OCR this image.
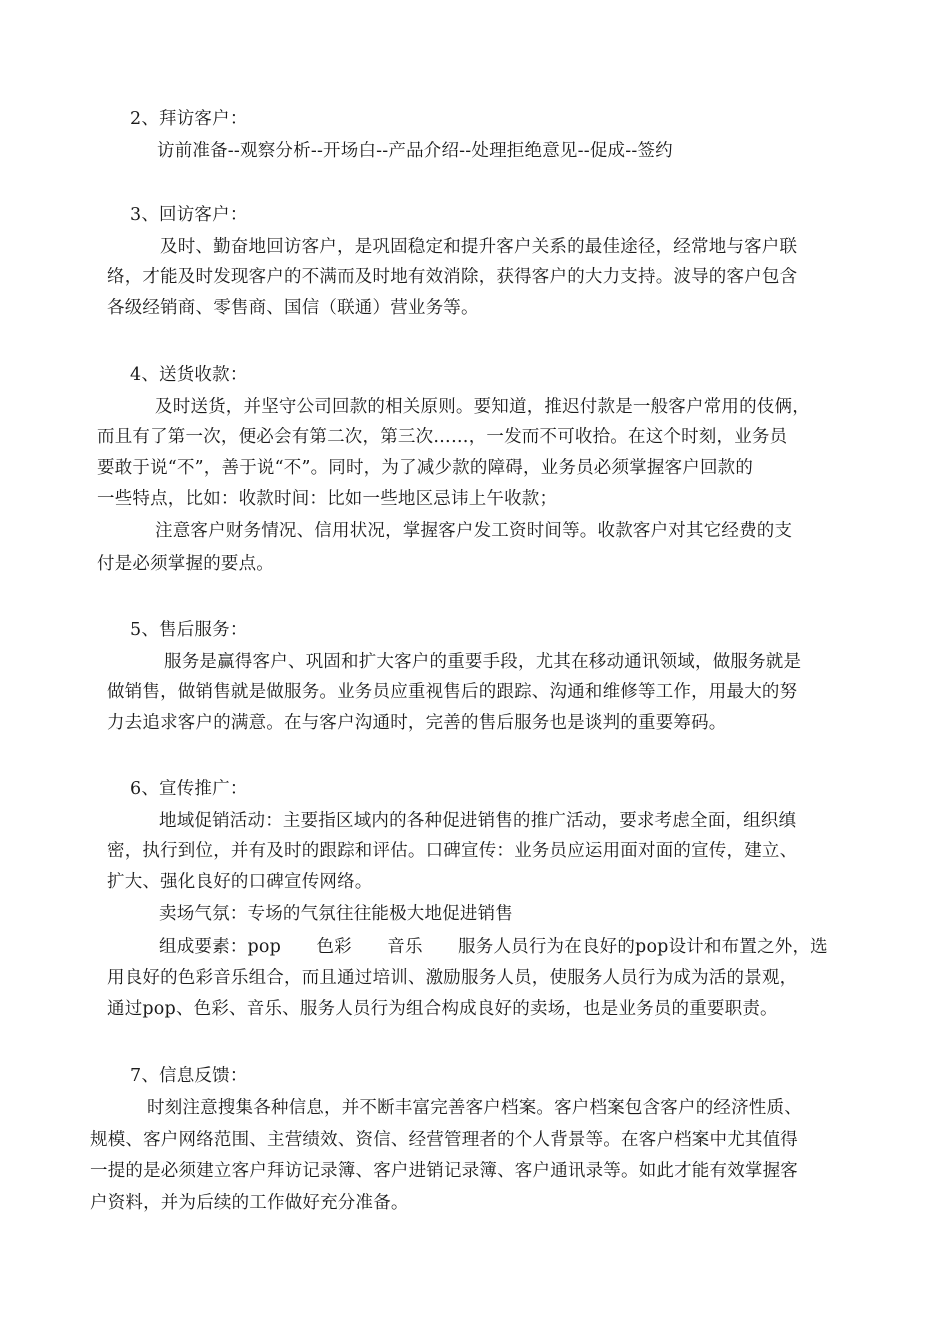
2、拜访客户：
访前准备--观察分析--开场白--产品介绍--处理拒绝意见--促成--签约
3、回访客户：
及时、勤奋地回访客户，是巩固稳定和提升客户关系的最佳途径，经常地与客户联
络，才能及时发现客户的不满而及时地有效消除，获得客户的大力支持。波导的客户包含
各级经销商、零售商、国信（联通）营业务等。
4、送货收款：
及时送货，并坚守公司回款的相关原则。要知道，推迟付款是一般客户常用的伎俩，
而且有了第一次，便必会有第二次，第三次……，一发而不可收拾。在这个时刻，业务员
要敢于说“不”，善于说“不”。同时，为了减少款的障碍，业务员必须掌握客户回款的
一些特点，比如：收款时间：比如一些地区忌讳上午收款；
注意客户财务情况、信用状况，掌握客户发工资时间等。收款客户对其它经费的支
付是必须掌握的要点。
5、售后服务：
服务是赢得客户、巩固和扩大客户的重要手段，尤其在移动通讯领域，做服务就是
做销售，做销售就是做服务。业务员应重视售后的跟踪、沟通和维修等工作，用最大的努
力去追求客户的满意。在与客户沟通时，完善的售后服务也是谈判的重要筹码。
6、宣传推广：
地域促销活动：主要指区域内的各种促进销售的推广活动，要求考虑全面，组织缜
密，执行到位，并有及时的跟踪和评估。口碑宣传：业务员应运用面对面的宣传，建立、
扩大、强化良好的口碑宣传网络。
卖场气氛：专场的气氛往往能极大地促进销售
组成要素：pop　　色彩　　音乐　　服务人员行为在良好的pop设计和布置之外，选
用良好的色彩音乐组合，而且通过培训、激励服务人员，使服务人员行为成为活的景观，
通过pop、色彩、音乐、服务人员行为组合构成良好的卖场，也是业务员的重要职责。
7、信息反馈：
时刻注意搜集各种信息，并不断丰富完善客户档案。客户档案包含客户的经济性质、
规模、客户网络范围、主营绩效、资信、经营管理者的个人背景等。在客户档案中尤其值得
一提的是必须建立客户拜访记录簿、客户进销记录簿、客户通讯录等。如此才能有效掌握客
户资料，并为后续的工作做好充分准备。
